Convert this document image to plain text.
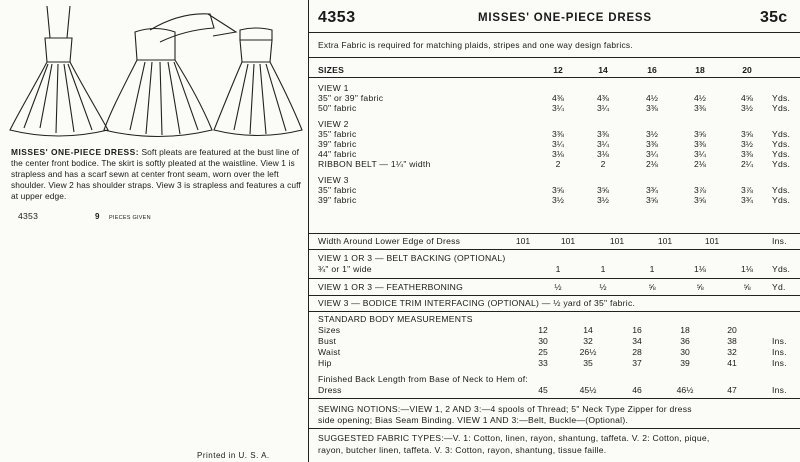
MISSES' ONE-PIECE DRESS: Soft pleats are featured at the bust line of the center front bodice. The skirt is softly pleated at the waistline. View 1 is strapless and has a scarf sewn at center front seam, worn over the left shoulder. View 2 has shoulder straps. View 3 is strapless and features a cuff at upper edge.
4353	9 PIECES GIVEN
Printed in U. S. A.
4353	MISSES' ONE-PIECE DRESS	35c
Extra Fabric is required for matching plaids, stripes and one way design fabrics.
SIZES	12	14	16	18	20
VIEW 1
35" or 39" fabric	4⅜	4⅜	4½	4½	4⅝ Yds.
50" fabric	3¼	3¼	3⅜	3⅜	3½ Yds.
VIEW 2
35" fabric	3⅜	3⅜	3½	3⅝	3⅝ Yds.
39" fabric	3¼	3¼	3⅜	3⅜	3½ Yds.
44" fabric	3⅛	3⅛	3¼	3¼	3⅜ Yds.
RIBBON BELT — 1¼" width	2	2	2⅛	2⅛	2¼ Yds.
VIEW 3
35" fabric	3⅝	3⅝	3¾	3⅞	3⅞ Yds.
39" fabric	3½	3½	3⅝	3⅝	3¾ Yds.
Width Around Lower Edge of Dress	101	101	101	101	101	Ins.
VIEW 1 OR 3 — BELT BACKING (OPTIONAL)
¾" or 1" wide	1	1	1	1⅛	1⅛ Yds.
VIEW 1 OR 3 — FEATHERBONING	½	½	⅝	⅝	⅝ Yd.
VIEW 3 — BODICE TRIM INTERFACING (OPTIONAL) — ½ yard of 35" fabric.
STANDARD BODY MEASUREMENTS
Sizes	12	14	16	18	20
Bust	30	32	34	36	38	Ins.
Waist	25	26½	28	30	32	Ins.
Hip	33	35	37	39	41	Ins.
Finished Back Length from Base of Neck to Hem of:
Dress	45	45½	46	46½	47	Ins.
SEWING NOTIONS:—VIEW 1, 2 AND 3:—4 spools of Thread; 5" Neck Type Zipper for dress
side opening; Bias Seam Binding. VIEW 1 AND 3:—Belt, Buckle—(Optional).
SUGGESTED FABRIC TYPES:—V. 1: Cotton, linen, rayon, shantung, taffeta. V. 2: Cotton, pique,
rayon, butcher linen, taffeta. V. 3: Cotton, rayon, shantung, tissue faille.
